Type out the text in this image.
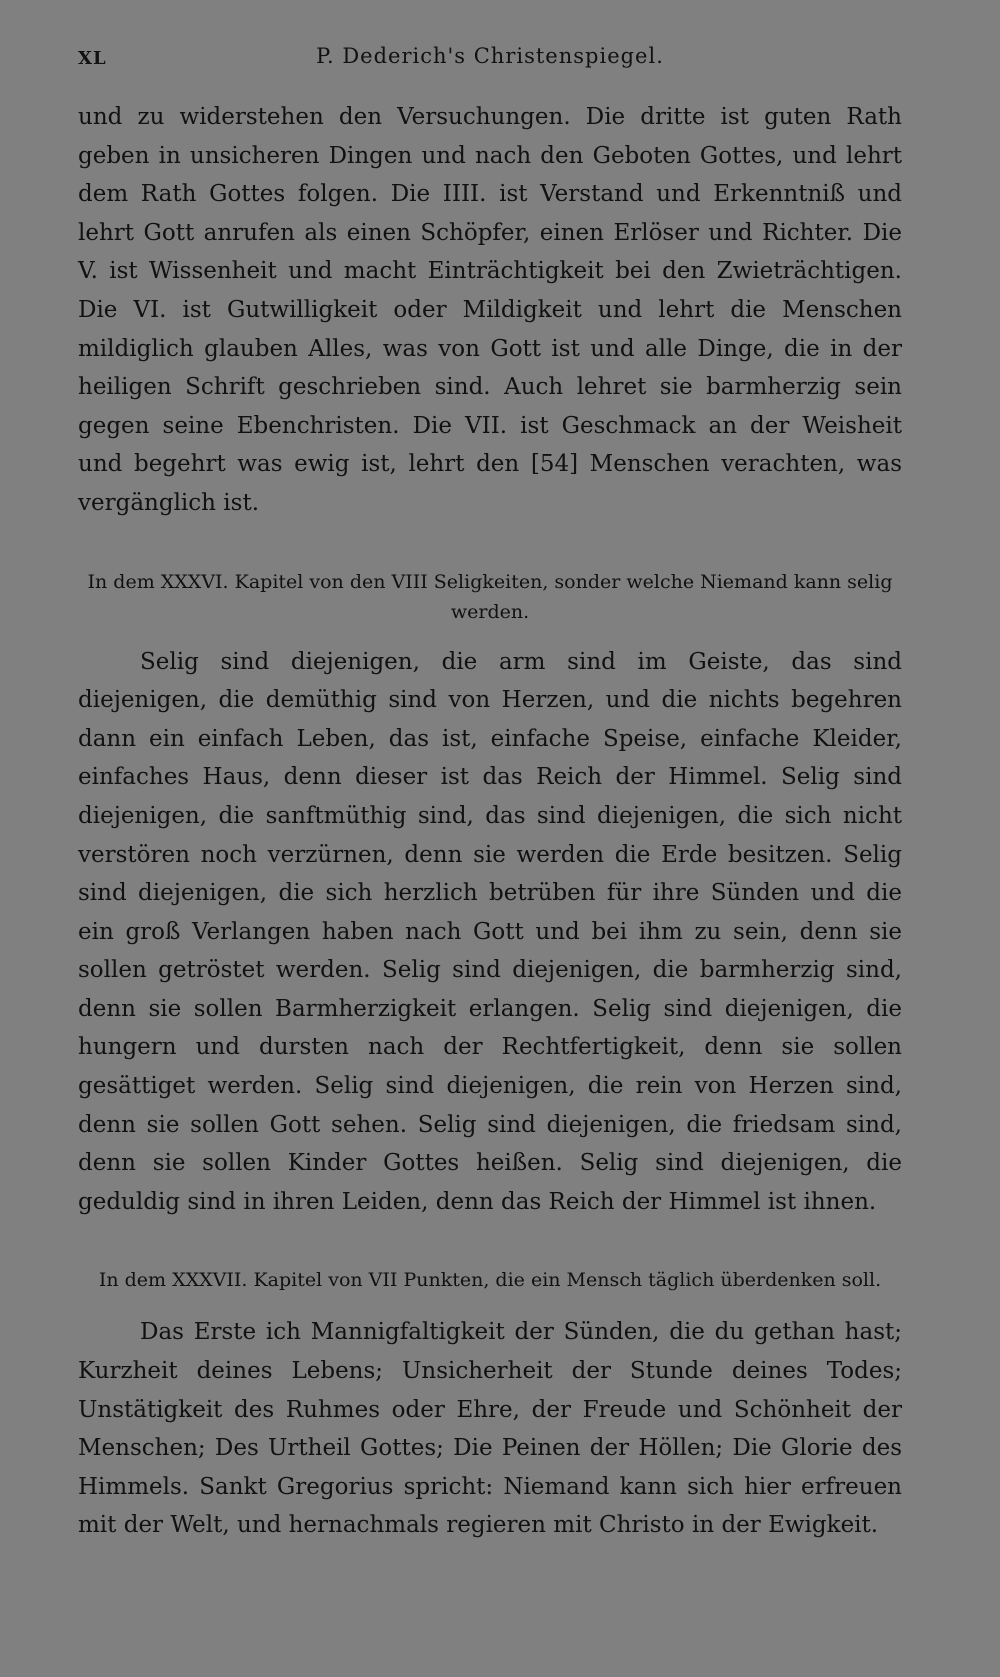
XL	P. Dederich's Christenspiegel.

und zu widerstehen den Versuchungen. Die dritte ist guten Rath geben in unsicheren Dingen und nach den Geboten Gottes, und lehrt dem Rath Gottes folgen. Die IIII. ist Verstand und Erkenntniß und lehrt Gott anrufen als einen Schöpfer, einen Erlöser und Richter. Die V. ist Wissenheit und macht Einträchtigkeit bei den Zwieträchtigen. Die VI. ist Gutwilligkeit oder Mildigkeit und lehrt die Menschen mildiglich glauben Alles, was von Gott ist und alle Dinge, die in der heiligen Schrift geschrieben sind. Auch lehret sie barmherzig sein gegen seine Ebenchristen. Die VII. ist Geschmack an der Weisheit und begehrt was ewig ist, lehrt den [54] Menschen verachten, was vergänglich ist.

In dem XXXVI. Kapitel von den VIII Seligkeiten, sonder welche Niemand kann selig werden.

Selig sind diejenigen, die arm sind im Geiste, das sind diejenigen, die demüthig sind von Herzen, und die nichts begehren dann ein einfach Leben, das ist, einfache Speise, einfache Kleider, einfaches Haus, denn dieser ist das Reich der Himmel. Selig sind diejenigen, die sanftmüthig sind, das sind diejenigen, die sich nicht verstören noch verzürnen, denn sie werden die Erde besitzen. Selig sind diejenigen, die sich herzlich betrüben für ihre Sünden und die ein groß Verlangen haben nach Gott und bei ihm zu sein, denn sie sollen getröstet werden. Selig sind diejenigen, die barmherzig sind, denn sie sollen Barmherzigkeit erlangen. Selig sind diejenigen, die hungern und dursten nach der Rechtfertigkeit, denn sie sollen gesättiget werden. Selig sind diejenigen, die rein von Herzen sind, denn sie sollen Gott sehen. Selig sind diejenigen, die friedsam sind, denn sie sollen Kinder Gottes heißen. Selig sind diejenigen, die geduldig sind in ihren Leiden, denn das Reich der Himmel ist ihnen.

In dem XXXVII. Kapitel von VII Punkten, die ein Mensch täglich überdenken soll.

Das Erste ich Mannigfaltigkeit der Sünden, die du gethan hast; Kurzheit deines Lebens; Unsicherheit der Stunde deines Todes; Unstätigkeit des Ruhmes oder Ehre, der Freude und Schönheit der Menschen; Des Urtheil Gottes; Die Peinen der Höllen; Die Glorie des Himmels. Sankt Gregorius spricht: Niemand kann sich hier erfreuen mit der Welt, und hernachmals regieren mit Christo in der Ewigkeit.
